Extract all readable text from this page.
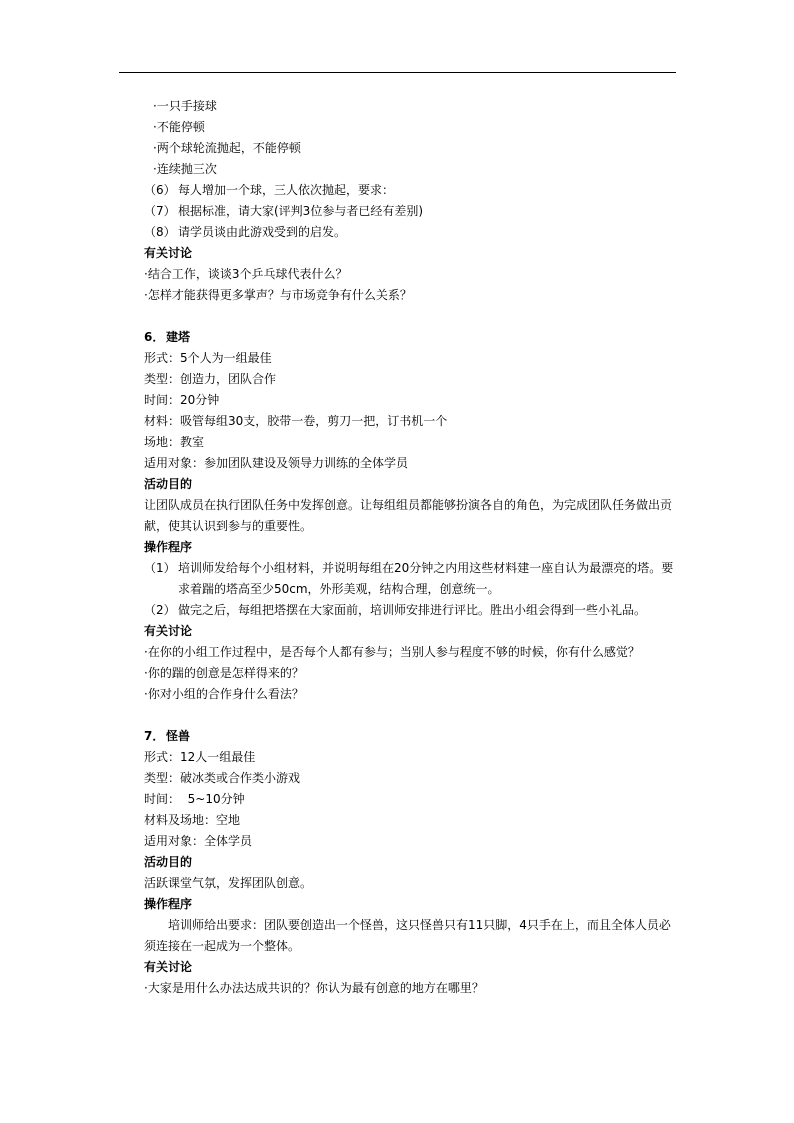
·一只手接球
·不能停顿
·两个球轮流抛起，不能停顿
·连续抛三次
（6） 每人增加一个球，三人依次抛起，要求：
（7） 根据标准，请大家(评判3位参与者已经有差别)
（8） 请学员谈由此游戏受到的启发。
有关讨论
·结合工作，谈谈3个乒乓球代表什么？
·怎样才能获得更多掌声？与市场竞争有什么关系？
6． 建塔
形式：5个人为一组最佳
类型：创造力，团队合作
时间：20分钟
材料：吸管每组30支，胶带一卷，剪刀一把，订书机一个
场地：教室
适用对象：参加团队建设及领导力训练的全体学员
活动目的
让团队成员在执行团队任务中发挥创意。让每组组员都能够扮演各自的角色，为完成团队任务做出贡献，使其认识到参与的重要性。
操作程序
（1） 培训师发给每个小组材料，并说明每组在20分钟之内用这些材料建一座自认为最漂亮的塔。要
求着踹的塔高至少50cm，外形美观，结构合理，创意统一。
（2） 做完之后，每组把塔摆在大家面前，培训师安排进行评比。胜出小组会得到一些小礼品。
有关讨论
·在你的小组工作过程中，是否每个人都有参与；当别人参与程度不够的时候，你有什么感觉？
·你的踹的创意是怎样得来的？
·你对小组的合作身什么看法？
7． 怪兽
形式：12人一组最佳
类型：破冰类或合作类小游戏
时间：  5~10分钟
材料及场地：空地
适用对象：全体学员
活动目的
活跃课堂气氛，发挥团队创意。
操作程序
培训师给出要求：团队要创造出一个怪兽，这只怪兽只有11只脚，4只手在上，而且全体人员必须连接在一起成为一个整体。
有关讨论
·大家是用什么办法达成共识的？你认为最有创意的地方在哪里？
